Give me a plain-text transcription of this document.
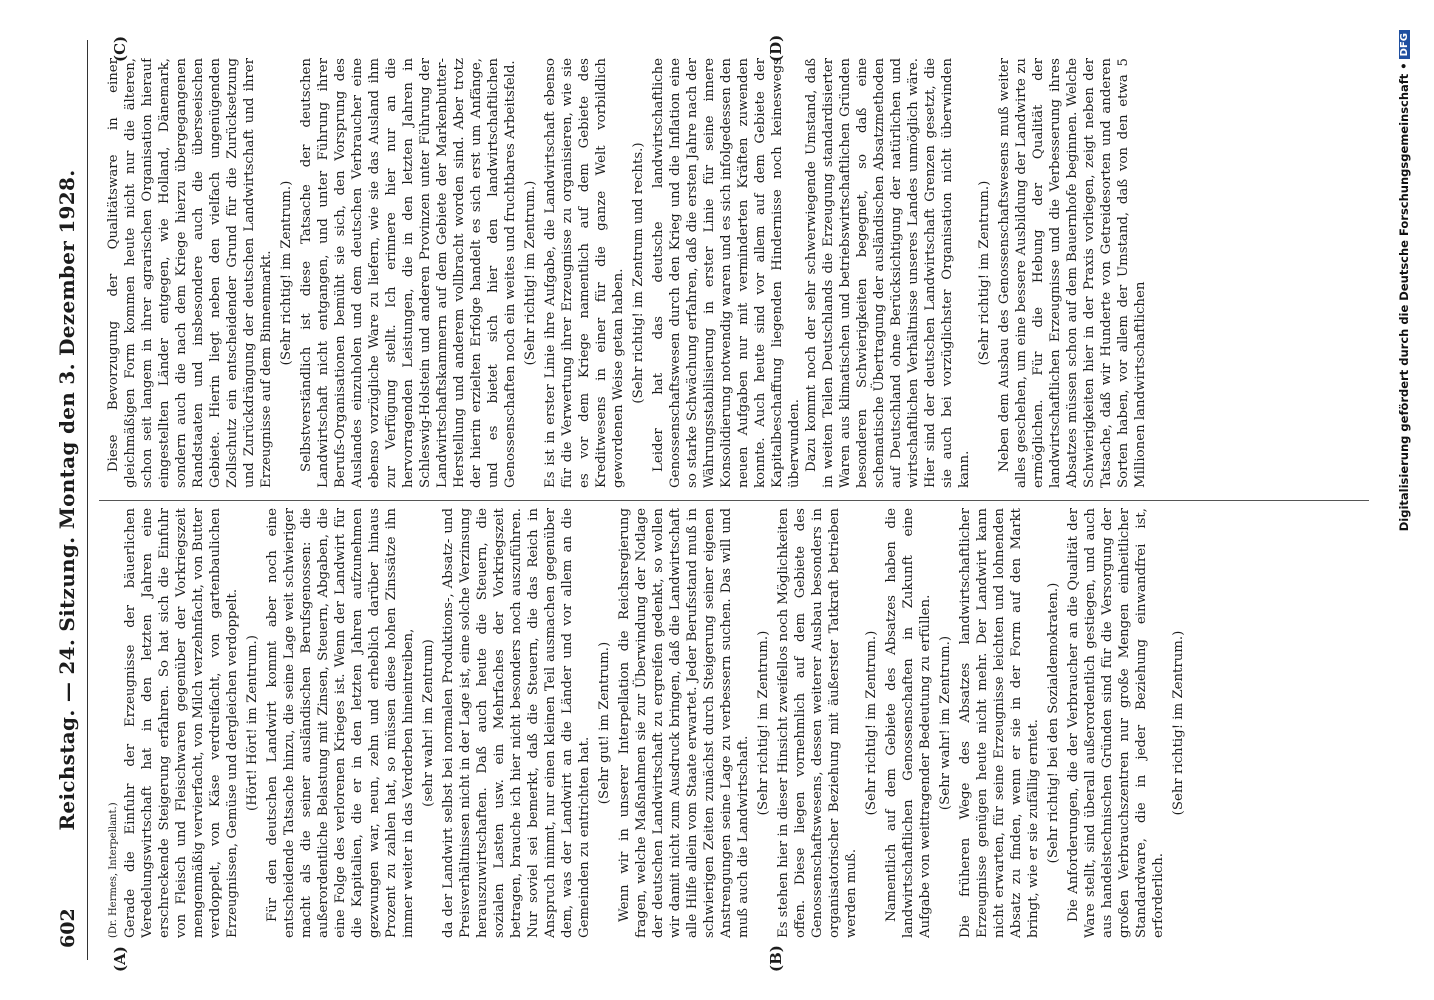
602
Reichstag. — 24. Sitzung. Montag den 3. Dezember 1928.
(A)	(B)
(C)	(D)

(Dr. Hermes, Interpellant.) Gerade die Einfuhr der Erzeugnisse der bäuerlichen Veredelungswirtschaft hat in den letzten Jahren eine erschreckende Steigerung erfahren. So hat sich die Einfuhr von Fleisch und Fleischwaren gegenüber der Vorkriegszeit mengenmäßig vervierfacht, von Milch verzehnfacht, von Butter verdoppelt, von Käse verdreifacht, von gartenbaulichen Erzeugnissen, Gemüse und dergleichen verdoppelt. (Hört! Hört! im Zentrum.) Für den deutschen Landwirt kommt aber noch eine entscheidende Tatsache hinzu, die seine Lage weit schwieriger macht als die seiner ausländischen Berufsgenossen: die außerordentliche Belastung mit Zinsen, Steuern, Abgaben, die eine Folge des verlorenen Krieges ist. Wenn der Landwirt für die Kapitalien, die er in den letzten Jahren aufzunehmen gezwungen war, neun, zehn und erheblich darüber hinaus Prozent zu zahlen hat, so müssen diese hohen Zinssätze ihn immer weiter in das Verderben hineintreiben, (sehr wahr! im Zentrum) da der Landwirt selbst bei normalen Produktions-, Absatz- und Preisverhältnissen nicht in der Lage ist, eine solche Verzinsung herauszuwirtschaften. Daß auch heute die Steuern, die sozialen Lasten usw. ein Mehrfaches der Vorkriegszeit betragen, brauche ich hier nicht besonders noch auszuführen. Nur soviel sei bemerkt, daß die Steuern, die das Reich in Anspruch nimmt, nur einen kleinen Teil ausmachen gegenüber dem, was der Landwirt an die Länder und vor allem an die Gemeinden zu entrichten hat.

(Sehr gut! im Zentrum.) Wenn wir in unserer Interpellation die Reichsregierung fragen, welche Maßnahmen sie zur Überwindung der Notlage der deutschen Landwirtschaft zu ergreifen gedenkt, so wollen wir damit nicht zum Ausdruck bringen, daß die Landwirtschaft alle Hilfe allein vom Staate erwartet. Jeder Berufsstand muß in schwierigen Zeiten zunächst durch Steigerung seiner eigenen Anstrengungen seine Lage zu verbessern suchen. Das will und muß auch die Landwirtschaft.

(Sehr richtig! im Zentrum.) Es stehen hier in dieser Hinsicht zweifellos noch Möglichkeiten offen. Diese liegen vornehmlich auf dem Gebiete des Genossenschaftswesens, dessen weiterer Ausbau besonders in organisatorischer Beziehung mit äußerster Tatkraft betrieben werden muß.

(Sehr richtig! im Zentrum.) Namentlich auf dem Gebiete des Absatzes haben die landwirtschaftlichen Genossenschaften in Zukunft eine Aufgabe von weittragender Bedeutung zu erfüllen. (Sehr wahr! im Zentrum.) Die früheren Wege des Absatzes landwirtschaftlicher Erzeugnisse genügen heute nicht mehr. Der Landwirt kann nicht erwarten, für seine Erzeugnisse leichten und lohnenden Absatz zu finden, wenn er sie in der Form auf den Markt bringt, wie er sie zufällig erntet. (Sehr richtig! bei den Sozialdemokraten.) Die Anforderungen, die der Verbraucher an die Qualität der Ware stellt, sind überall außerordentlich gestiegen, und auch aus handelstechnischen Gründen sind für die Versorgung der großen Verbrauchszentren nur große Mengen einheitlicher Standardware, die in jeder Beziehung einwandfrei ist, erforderlich.

(Sehr richtig! im Zentrum.)

Diese Bevorzugung der Qualitätsware in einer gleichmäßigen Form kommen heute nicht nur die älteren, schon seit langem in ihrer agrarischen Organisation hierauf eingestellten Länder entgegen, wie Holland, Dänemark, sondern auch die nach dem Kriege hierzu übergegangenen Randstaaten und insbesondere auch die überseeischen Gebiete. Hierin liegt neben den vielfach ungenügenden Zollschutz ein entscheidender Grund für die Zurücksetzung und Zurückdrängung der deutschen Landwirtschaft und ihrer Erzeugnisse auf dem Binnenmarkt. (Sehr richtig! im Zentrum.) Selbstverständlich ist diese Tatsache der deutschen Landwirtschaft nicht entgangen, und unter Führung ihrer Berufs-Organisationen bemüht sie sich, den Vorsprung des Auslandes einzuholen und dem deutschen Verbraucher eine ebenso vorzügliche Ware zu liefern, wie sie das Ausland ihm zur Verfügung stellt. Ich erinnere hier nur an die hervorragenden Leistungen, die in den letzten Jahren in Schleswig-Holstein und anderen Provinzen unter Führung der Landwirtschaftskammern auf dem Gebiete der Markenbutter-Herstellung und anderem vollbracht worden sind. Aber trotz der hierin erzielten Erfolge handelt es sich erst um Anfänge, und es bietet sich hier den landwirtschaftlichen Genossenschaften noch ein weites und fruchtbares Arbeitsfeld. (Sehr richtig! im Zentrum.) Es ist in erster Linie ihre Aufgabe, die Landwirtschaft ebenso für die Verwertung ihrer Erzeugnisse zu organisieren, wie sie es vor dem Kriege namentlich auf dem Gebiete des Kreditwesens in einer für die ganze Welt vorbildlich gewordenen Weise getan haben. (Sehr richtig! im Zentrum und rechts.) Leider hat das deutsche landwirtschaftliche Genossenschaftswesen durch den Krieg und die Inflation eine so starke Schwächung erfahren, daß die ersten Jahre nach der Währungsstabilisierung in erster Linie für seine innere Konsolidierung notwendig waren und es sich infolgedessen den neuen Aufgaben nur mit verminderten Kräften zuwenden konnte. Auch heute sind vor allem auf dem Gebiete der Kapitalbeschaffung liegenden Hindernisse noch keineswegs überwunden. Dazu kommt noch der sehr schwerwiegende Umstand, daß in weiten Teilen Deutschlands die Erzeugung standardisierter Waren aus klimatischen und betriebswirtschaftlichen Gründen besonderen Schwierigkeiten begegnet, so daß eine schematische Übertragung der ausländischen Absatzmethoden auf Deutschland ohne Berücksichtigung der natürlichen und wirtschaftlichen Verhältnisse unseres Landes unmöglich wäre. Hier sind der deutschen Landwirtschaft Grenzen gesetzt, die sie auch bei vorzüglichster Organisation nicht überwinden kann.

(Sehr richtig! im Zentrum.) Neben dem Ausbau des Genossenschaftswesens muß weiter alles geschehen, um eine bessere Ausbildung der Landwirte zu ermöglichen. Für die Hebung der Qualität der landwirtschaftlichen Erzeugnisse und die Verbesserung ihres Absatzes müssen schon auf dem Bauernhofe beginnen. Welche Schwierigkeiten hier in der Praxis vorliegen, zeigt neben der Tatsache, daß wir Hunderte von Getreidesorten und anderen Sorten haben, vor allem der Umstand, daß von den etwa 5 Millionen landwirtschaftlichen	Digitalisierung gefördert durch die Deutsche Forschungsgemeinschaft •DFG
